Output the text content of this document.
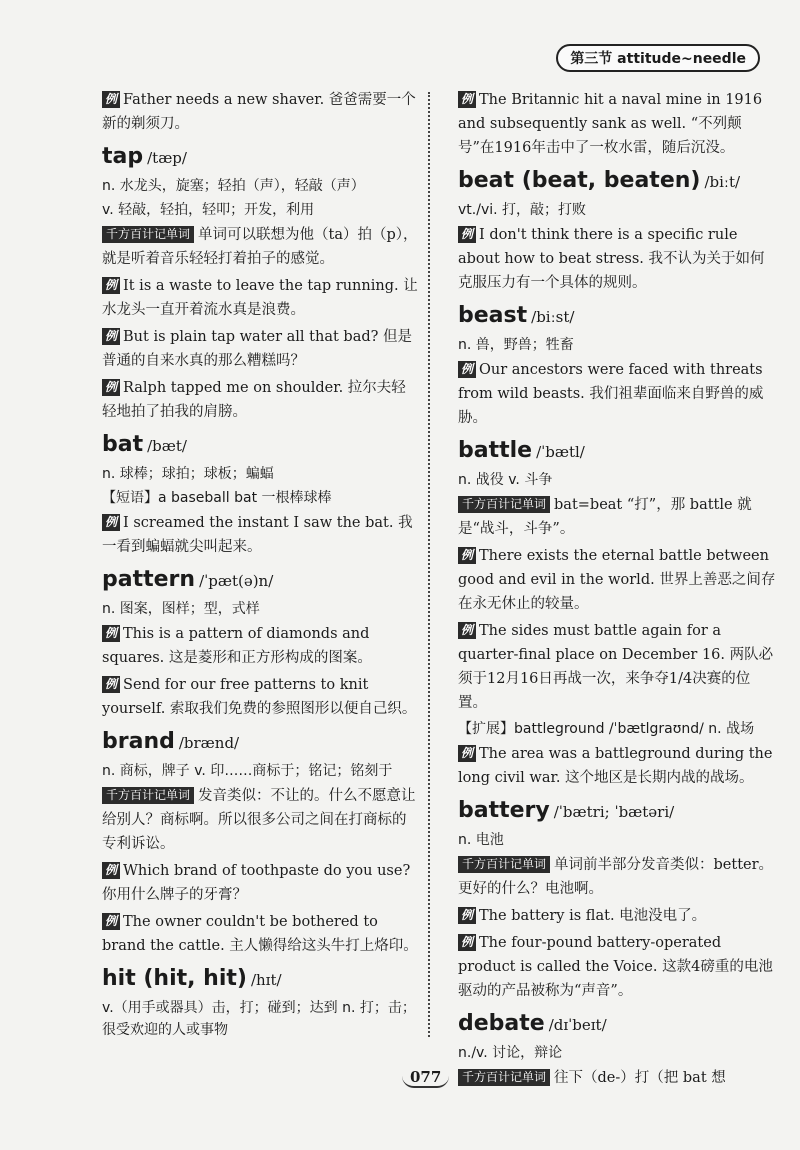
第三节 attitude~needle

例 Father needs a new shaver. 爸爸需要一个新的剃须刀。

tap /tæp/

n. 水龙头，旋塞；轻拍（声），轻敲（声）

v. 轻敲，轻拍，轻叩；开发，利用

千方百计记单词 单词可以联想为他（ta）拍（p），就是听着音乐轻轻打着拍子的感觉。

例 It is a waste to leave the tap running. 让水龙头一直开着流水真是浪费。

例 But is plain tap water all that bad? 但是普通的自来水真的那么糟糕吗？

例 Ralph tapped me on shoulder. 拉尔夫轻轻地拍了拍我的肩膀。

bat /bæt/

n. 球棒；球拍；球板；蝙蝠

【短语】a baseball bat 一根棒球棒

例 I screamed the instant I saw the bat. 我一看到蝙蝠就尖叫起来。

pattern /ˈpæt(ə)n/

n. 图案，图样；型，式样

例 This is a pattern of diamonds and squares. 这是菱形和正方形构成的图案。

例 Send for our free patterns to knit yourself. 索取我们免费的参照图形以便自己织。

brand /brænd/

n. 商标，牌子 v. 印……商标于；铭记；铭刻于

千方百计记单词 发音类似：不让的。什么不愿意让给别人？商标啊。所以很多公司之间在打商标的专利诉讼。

例 Which brand of toothpaste do you use? 你用什么牌子的牙膏？

例 The owner couldn't be bothered to brand the cattle. 主人懒得给这头牛打上烙印。

hit (hit, hit) /hɪt/

v.（用手或器具）击，打；碰到；达到 n. 打；击；很受欢迎的人或事物

例 The Britannic hit a naval mine in 1916 and subsequently sank as well. “不列颠号”在1916年击中了一枚水雷，随后沉没。

beat (beat, beaten) /biːt/

vt./vi. 打，敲；打败

例 I don't think there is a specific rule about how to beat stress. 我不认为关于如何克服压力有一个具体的规则。

beast /biːst/

n. 兽，野兽；牲畜

例 Our ancestors were faced with threats from wild beasts. 我们祖辈面临来自野兽的威胁。

battle /ˈbætl/

n. 战役 v. 斗争

千方百计记单词 bat=beat “打”，那 battle 就是“战斗，斗争”。

例 There exists the eternal battle between good and evil in the world. 世界上善恶之间存在永无休止的较量。

例 The sides must battle again for a quarter-final place on December 16. 两队必须于12月16日再战一次，来争夺1/4决赛的位置。

【扩展】battleground /ˈbætlgraʊnd/ n. 战场

例 The area was a battleground during the long civil war. 这个地区是长期内战的战场。

battery /ˈbætri; ˈbætəri/

n. 电池

千方百计记单词 单词前半部分发音类似：better。更好的什么？电池啊。

例 The battery is flat. 电池没电了。

例 The four-pound battery-operated product is called the Voice. 这款4磅重的电池驱动的产品被称为“声音”。

debate /dɪˈbeɪt/

n./v. 讨论，辩论

千方百计记单词 往下（de-）打（把 bat 想

077
